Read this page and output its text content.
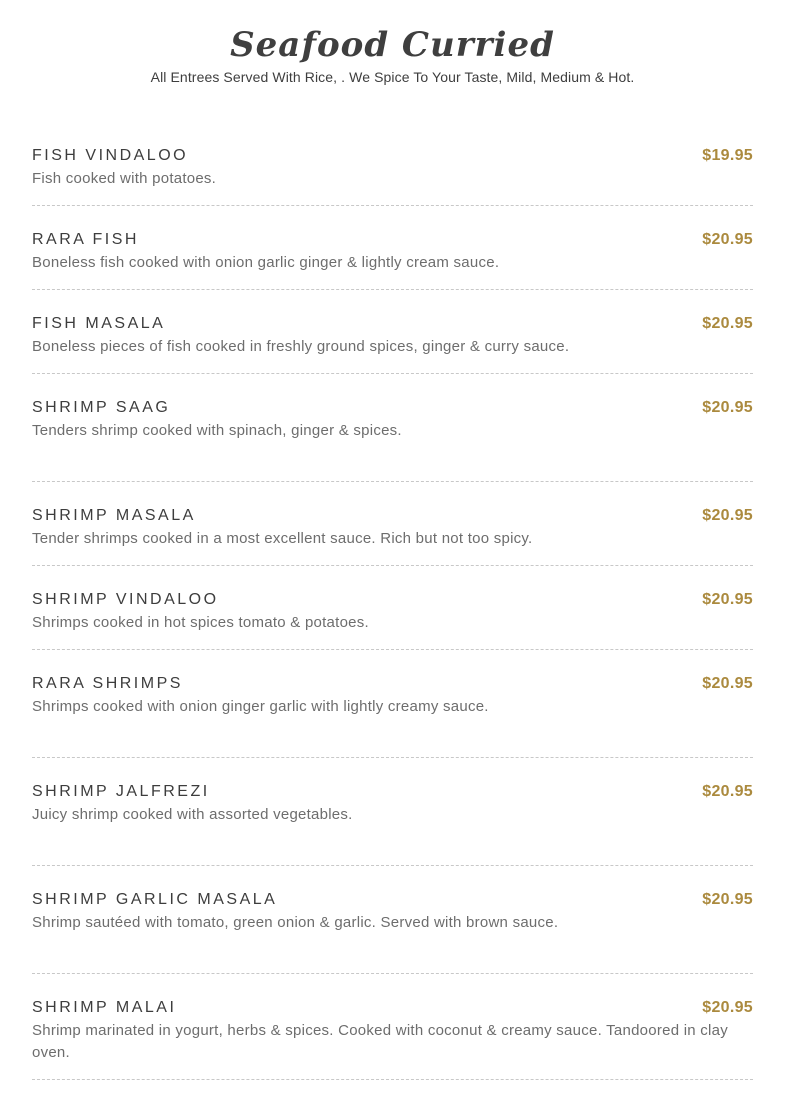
Seafood Curried

All Entrees Served With Rice, . We Spice To Your Taste, Mild, Medium & Hot.

FISH VINDALOO	$19.95

Fish cooked with potatoes.

RARA FISH	$20.95

Boneless fish cooked with onion garlic ginger & lightly cream sauce.

FISH MASALA	$20.95

Boneless pieces of fish cooked in freshly ground spices, ginger & curry sauce.

SHRIMP SAAG	$20.95

Tenders shrimp cooked with spinach, ginger & spices.

SHRIMP MASALA	$20.95

Tender shrimps cooked in a most excellent sauce. Rich but not too spicy.

SHRIMP VINDALOO	$20.95

Shrimps cooked in hot spices tomato & potatoes.

RARA SHRIMPS	$20.95

Shrimps cooked with onion ginger garlic with lightly creamy sauce.

SHRIMP JALFREZI	$20.95

Juicy shrimp cooked with assorted vegetables.

SHRIMP GARLIC MASALA	$20.95

Shrimp sautéed with tomato, green onion & garlic. Served with brown sauce.

SHRIMP MALAI	$20.95

Shrimp marinated in yogurt, herbs & spices. Cooked with coconut & creamy sauce. Tandoored in clay oven.
